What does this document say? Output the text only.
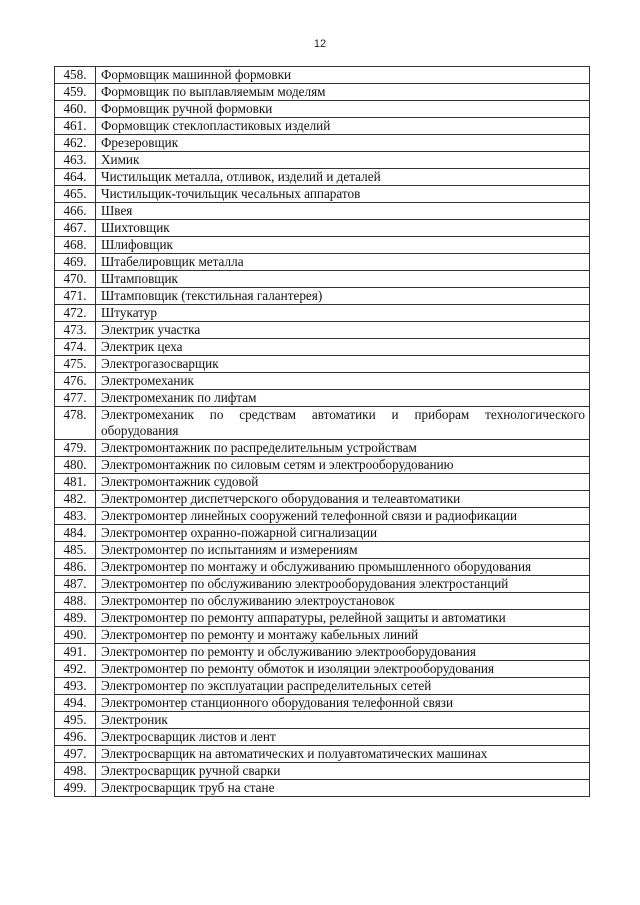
12
458.	Формовщик машинной формовки
459.	Формовщик по выплавляемым моделям
460.	Формовщик ручной формовки
461.	Формовщик стеклопластиковых изделий
462.	Фрезеровщик
463.	Химик
464.	Чистильщик металла, отливок, изделий и деталей
465.	Чистильщик-точильщик чесальных аппаратов
466.	Швея
467.	Шихтовщик
468.	Шлифовщик
469.	Штабелировщик металла
470.	Штамповщик
471.	Штамповщик (текстильная галантерея)
472.	Штукатур
473.	Электрик участка
474.	Электрик цеха
475.	Электрогазосварщик
476.	Электромеханик
477.	Электромеханик по лифтам
478.	Электромеханик по средствам автоматики и приборам технологического оборудования
479.	Электромонтажник по распределительным устройствам
480.	Электромонтажник по силовым сетям и электрооборудованию
481.	Электромонтажник судовой
482.	Электромонтер диспетчерского оборудования и телеавтоматики
483.	Электромонтер линейных сооружений телефонной связи и радиофикации
484.	Электромонтер охранно-пожарной сигнализации
485.	Электромонтер по испытаниям и измерениям
486.	Электромонтер по монтажу и обслуживанию промышленного оборудования
487.	Электромонтер по обслуживанию электрооборудования электростанций
488.	Электромонтер по обслуживанию электроустановок
489.	Электромонтер по ремонту аппаратуры, релейной защиты и автоматики
490.	Электромонтер по ремонту и монтажу кабельных линий
491.	Электромонтер по ремонту и обслуживанию электрооборудования
492.	Электромонтер по ремонту обмоток и изоляции электрооборудования
493.	Электромонтер по эксплуатации распределительных сетей
494.	Электромонтер станционного оборудования телефонной связи
495.	Электроник
496.	Электросварщик листов и лент
497.	Электросварщик на автоматических и полуавтоматических машинах
498.	Электросварщик ручной сварки
499.	Электросварщик труб на стане
